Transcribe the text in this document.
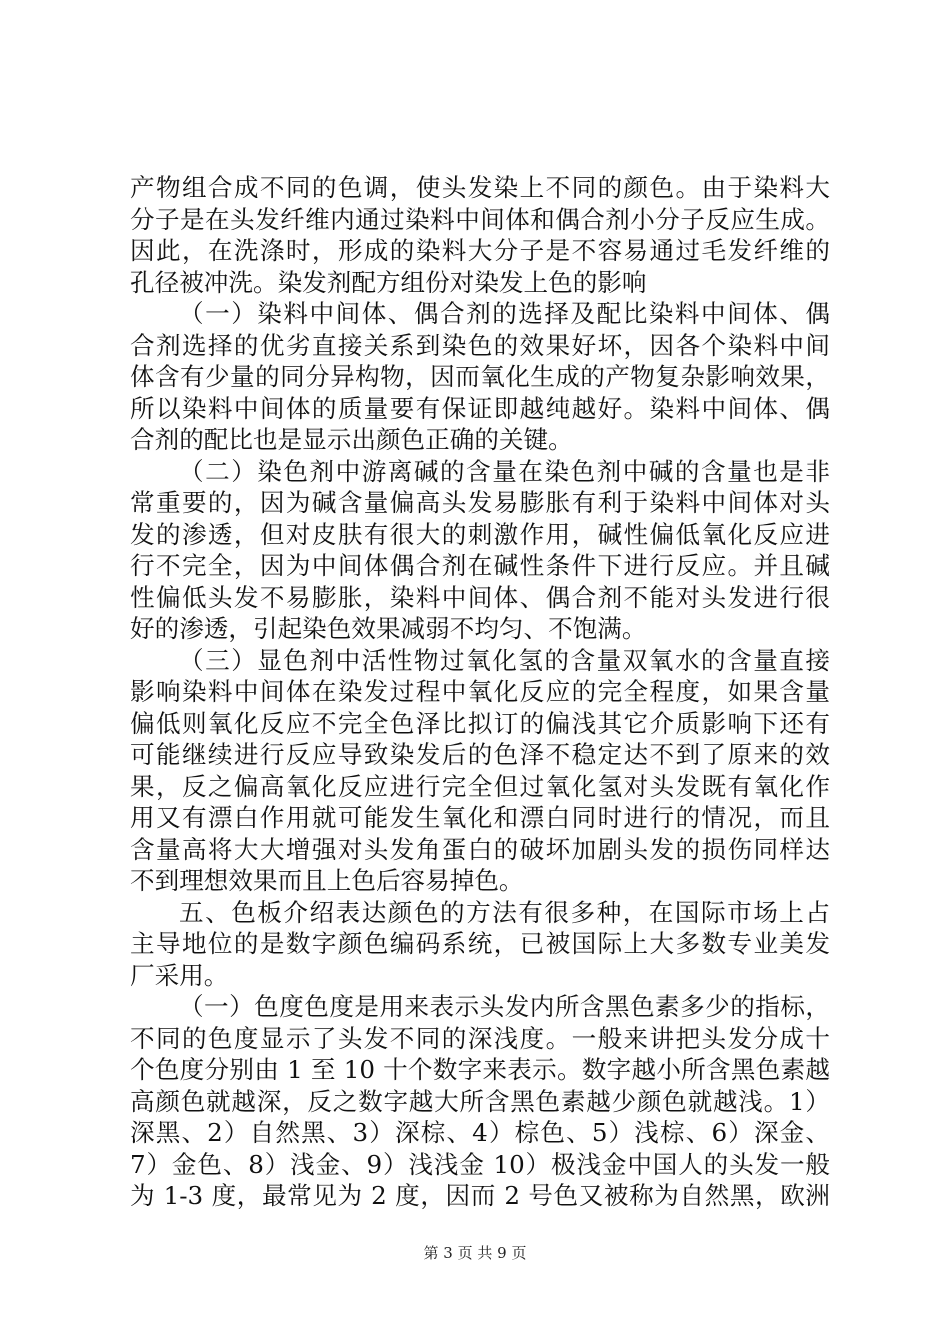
产物组合成不同的色调，使头发染上不同的颜色。由于染料大
分子是在头发纤维内通过染料中间体和偶合剂小分子反应生成。
因此，在洗涤时，形成的染料大分子是不容易通过毛发纤维的
孔径被冲洗。染发剂配方组份对染发上色的影响
（一）染料中间体、偶合剂的选择及配比染料中间体、偶
合剂选择的优劣直接关系到染色的效果好坏，因各个染料中间
体含有少量的同分异构物，因而氧化生成的产物复杂影响效果，
所以染料中间体的质量要有保证即越纯越好。染料中间体、偶
合剂的配比也是显示出颜色正确的关键。
（二）染色剂中游离碱的含量在染色剂中碱的含量也是非
常重要的，因为碱含量偏高头发易膨胀有利于染料中间体对头
发的渗透，但对皮肤有很大的刺激作用，碱性偏低氧化反应进
行不完全，因为中间体偶合剂在碱性条件下进行反应。并且碱
性偏低头发不易膨胀，染料中间体、偶合剂不能对头发进行很
好的渗透，引起染色效果减弱不均匀、不饱满。
（三）显色剂中活性物过氧化氢的含量双氧水的含量直接
影响染料中间体在染发过程中氧化反应的完全程度，如果含量
偏低则氧化反应不完全色泽比拟订的偏浅其它介质影响下还有
可能继续进行反应导致染发后的色泽不稳定达不到了原来的效
果，反之偏高氧化反应进行完全但过氧化氢对头发既有氧化作
用又有漂白作用就可能发生氧化和漂白同时进行的情况，而且
含量高将大大增强对头发角蛋白的破坏加剧头发的损伤同样达
不到理想效果而且上色后容易掉色。
五、色板介绍表达颜色的方法有很多种，在国际市场上占
主导地位的是数字颜色编码系统，已被国际上大多数专业美发
厂采用。
（一）色度色度是用来表示头发内所含黑色素多少的指标，
不同的色度显示了头发不同的深浅度。一般来讲把头发分成十
个色度分别由 1 至 10 十个数字来表示。数字越小所含黑色素越
高颜色就越深，反之数字越大所含黑色素越少颜色就越浅。1）
深黑、2）自然黑、3）深棕、4）棕色、5）浅棕、6）深金、
7）金色、8）浅金、9）浅浅金 10）极浅金中国人的头发一般
为 1-3 度，最常见为 2 度，因而 2 号色又被称为自然黑，欧洲
第 3 页 共 9 页
